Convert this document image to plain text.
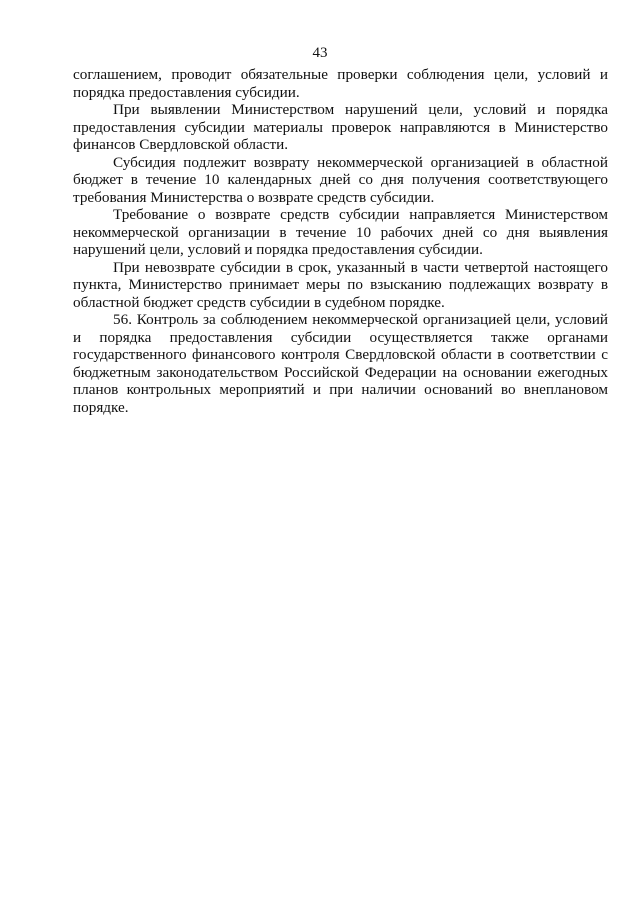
43

соглашением, проводит обязательные проверки соблюдения цели, условий и порядка предоставления субсидии.

При выявлении Министерством нарушений цели, условий и порядка предоставления субсидии материалы проверок направляются в Министерство финансов Свердловской области.

Субсидия подлежит возврату некоммерческой организацией в областной бюджет в течение 10 календарных дней со дня получения соответствующего требования Министерства о возврате средств субсидии.

Требование о возврате средств субсидии направляется Министерством некоммерческой организации в течение 10 рабочих дней со дня выявления нарушений цели, условий и порядка предоставления субсидии.

При невозврате субсидии в срок, указанный в части четвертой настоящего пункта, Министерство принимает меры по взысканию подлежащих возврату в областной бюджет средств субсидии в судебном порядке.

56. Контроль за соблюдением некоммерческой организацией цели, условий и порядка предоставления субсидии осуществляется также органами государственного финансового контроля Свердловской области в соответствии с бюджетным законодательством Российской Федерации на основании ежегодных планов контрольных мероприятий и при наличии оснований во внеплановом порядке.
